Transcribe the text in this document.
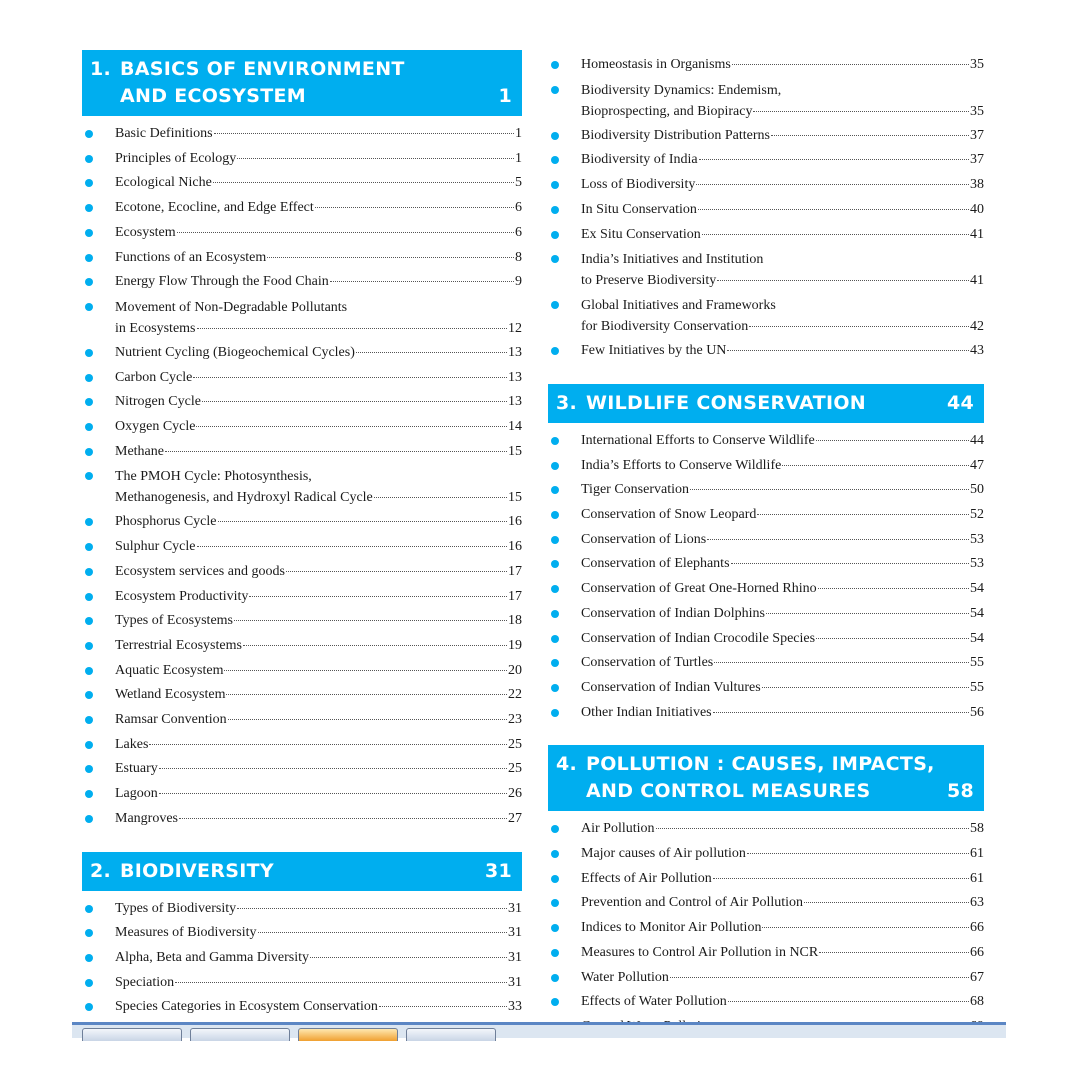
1. BASICS OF ENVIRONMENT
AND ECOSYSTEM	1
Basic Definitions	1
Principles of Ecology	1
Ecological Niche	5
Ecotone, Ecocline, and Edge Effect	6
Ecosystem	6
Functions of an Ecosystem	8
Energy Flow Through the Food Chain	9
Movement of Non-Degradable Pollutants
in Ecosystems	12
Nutrient Cycling (Biogeochemical Cycles)	13
Carbon Cycle	13
Nitrogen Cycle	13
Oxygen Cycle	14
Methane	15
The PMOH Cycle: Photosynthesis,
Methanogenesis, and Hydroxyl Radical Cycle	15
Phosphorus Cycle	16
Sulphur Cycle	16
Ecosystem services and goods	17
Ecosystem Productivity	17
Types of Ecosystems	18
Terrestrial Ecosystems	19
Aquatic Ecosystem	20
Wetland Ecosystem	22
Ramsar Convention	23
Lakes	25
Estuary	25
Lagoon	26
Mangroves	27
2. BIODIVERSITY	31
Types of Biodiversity	31
Measures of Biodiversity	31
Alpha, Beta and Gamma Diversity	31
Speciation	31
Species Categories in Ecosystem Conservation	33
Homeostasis in Organisms	35
Biodiversity Dynamics: Endemism,
Bioprospecting, and Biopiracy	35
Biodiversity Distribution Patterns	37
Biodiversity of India	37
Loss of Biodiversity	38
In Situ Conservation	40
Ex Situ Conservation	41
India’s Initiatives and Institution
to Preserve Biodiversity	41
Global Initiatives and Frameworks
for Biodiversity Conservation	42
Few Initiatives by the UN	43
3. WILDLIFE CONSERVATION	44
International Efforts to Conserve Wildlife	44
India’s Efforts to Conserve Wildlife	47
Tiger Conservation	50
Conservation of Snow Leopard	52
Conservation of Lions	53
Conservation of Elephants	53
Conservation of Great One-Horned Rhino	54
Conservation of Indian Dolphins	54
Conservation of Indian Crocodile Species	54
Conservation of Turtles	55
Conservation of Indian Vultures	55
Other Indian Initiatives	56
4. POLLUTION : CAUSES, IMPACTS,
AND CONTROL MEASURES	58
Air Pollution	58
Major causes of Air pollution	61
Effects of Air Pollution	61
Prevention and Control of Air Pollution	63
Indices to Monitor Air Pollution	66
Measures to Control Air Pollution in NCR	66
Water Pollution	67
Effects of Water Pollution	68
